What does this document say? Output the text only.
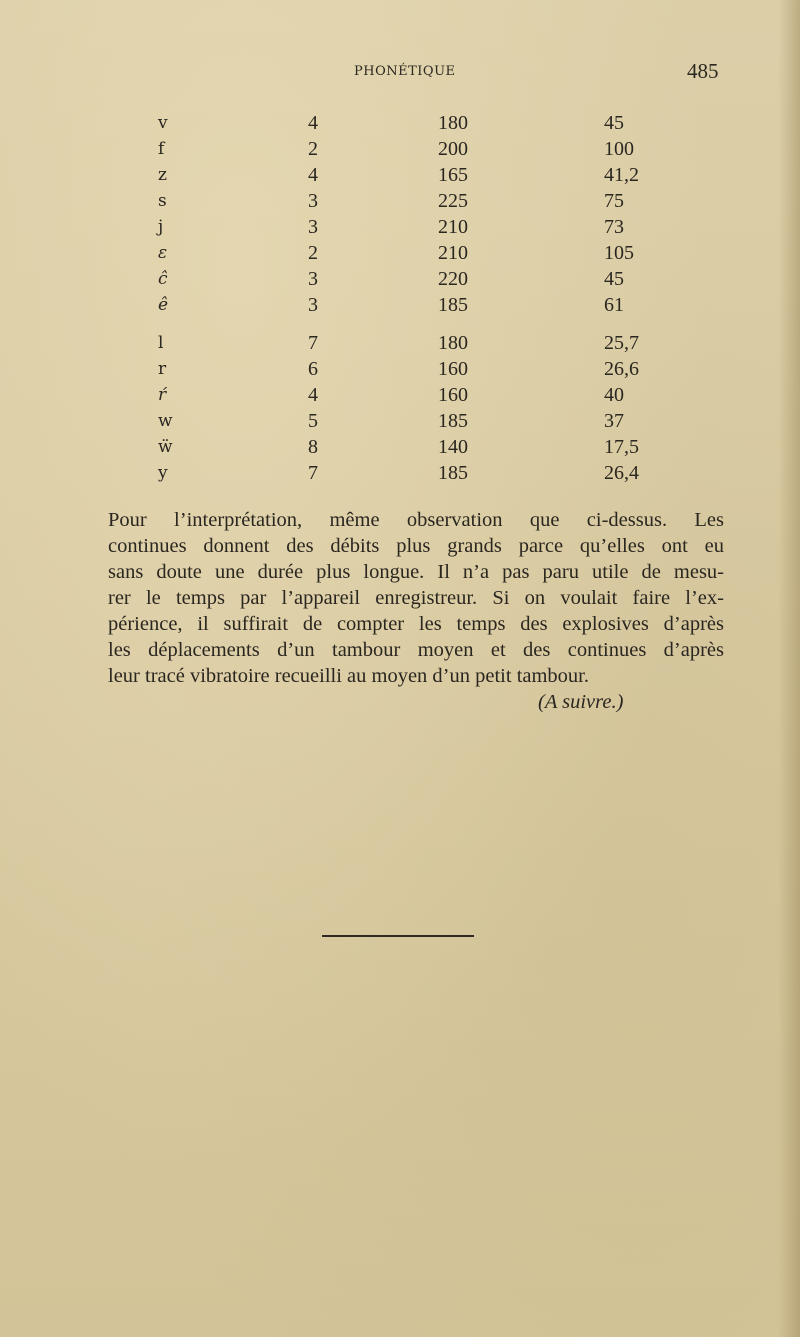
PHONÉTIQUE	485
v	4	180	45
f	2	200	100
z	4	165	41,2
s	3	225	75
j	3	210	73
ɛ	2	210	105
ĉ	3	220	45
ê	3	185	61
l	7	180	25,7
r	6	160	26,6
ŕ	4	160	40
w	5	185	37
ẅ	8	140	17,5
y	7	185	26,4
Pour l’interprétation, même observation que ci-dessus. Les
continues donnent des débits plus grands parce qu’elles ont eu
sans doute une durée plus longue. Il n’a pas paru utile de mesu-
rer le temps par l’appareil enregistreur. Si on voulait faire l’ex-
périence, il suffirait de compter les temps des explosives d’après
les déplacements d’un tambour moyen et des continues d’après
leur tracé vibratoire recueilli au moyen d’un petit tambour.
(A suivre.)
